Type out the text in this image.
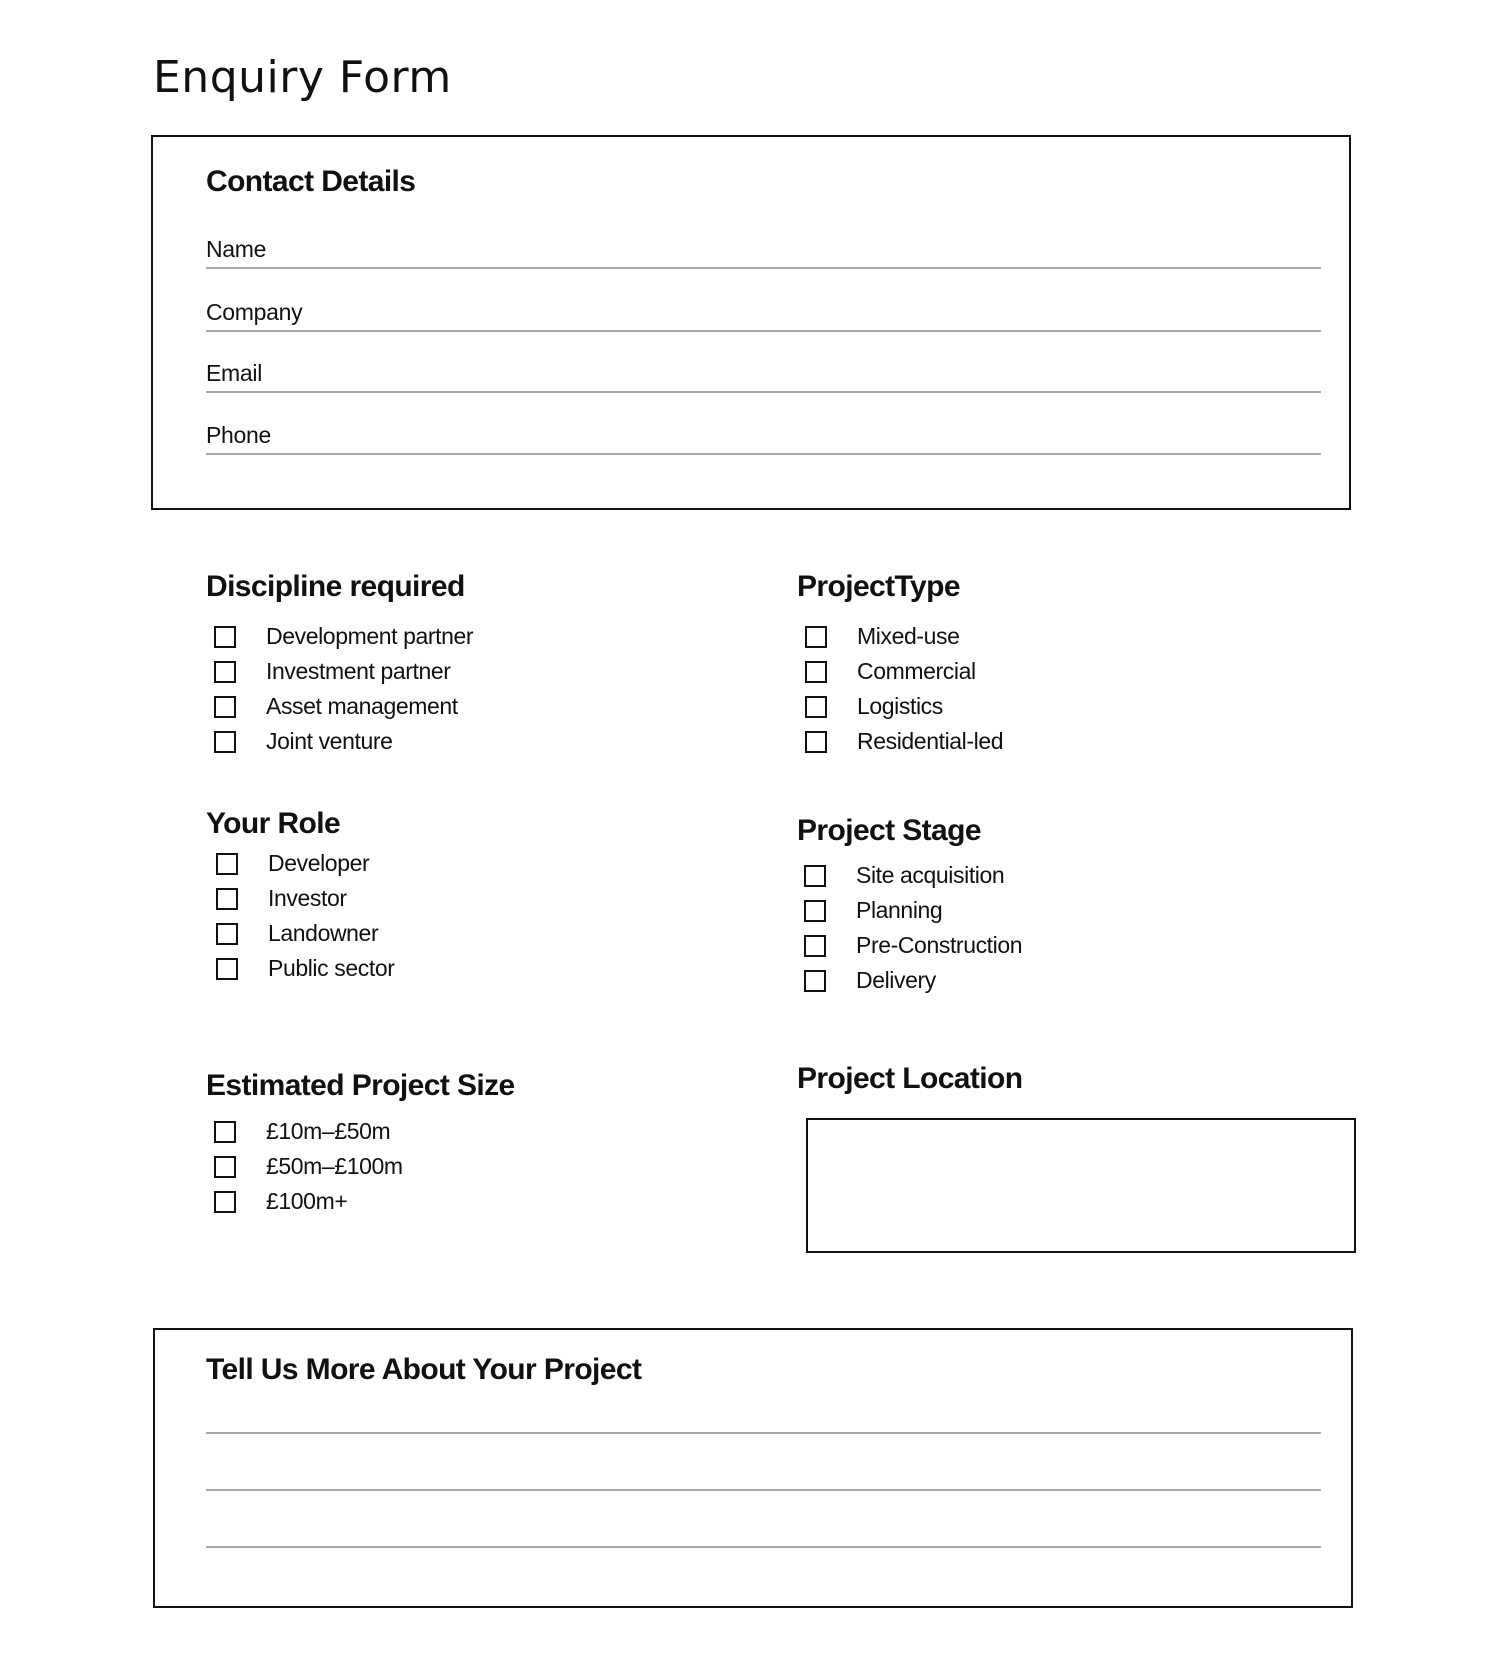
Enquiry Form
Contact Details
Name
Company
Email
Phone
Discipline required
Development partner
Investment partner
Asset management
Joint venture
ProjectType
Mixed-use
Commercial
Logistics
Residential-led
Your Role
Developer
Investor
Landowner
Public sector
Project Stage
Site acquisition
Planning
Pre-Construction
Delivery
Estimated Project Size
£10m–£50m
£50m–£100m
£100m+
Project Location
Tell Us More About Your Project
